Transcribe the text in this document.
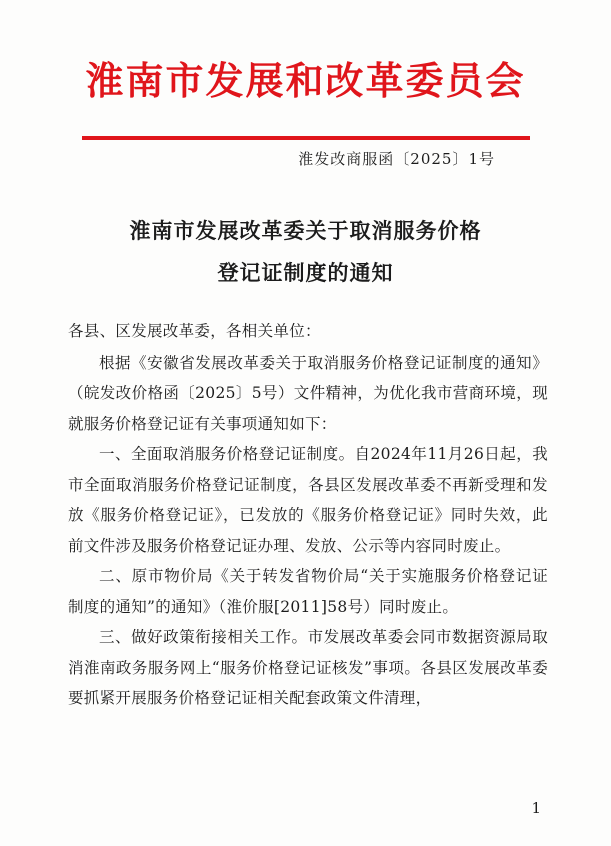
淮南市发展和改革委员会
淮发改商服函〔2025〕1号
淮南市发展改革委关于取消服务价格
登记证制度的通知

各县、区发展改革委，各相关单位：

根据《安徽省发展改革委关于取消服务价格登记证制度的通知》（皖发改价格函〔2025〕5号）文件精神，为优化我市营商环境，现就服务价格登记证有关事项通知如下：

一、全面取消服务价格登记证制度。自2024年11月26日起，我市全面取消服务价格登记证制度，各县区发展改革委不再新受理和发放《服务价格登记证》，已发放的《服务价格登记证》同时失效，此前文件涉及服务价格登记证办理、发放、公示等内容同时废止。

二、原市物价局《关于转发省物价局“关于实施服务价格登记证制度的通知”的通知》（淮价服[2011]58号）同时废止。

三、做好政策衔接相关工作。市发展改革委会同市数据资源局取消淮南政务服务网上“服务价格登记证核发”事项。各县区发展改革委要抓紧开展服务价格登记证相关配套政策文件清理，

1
